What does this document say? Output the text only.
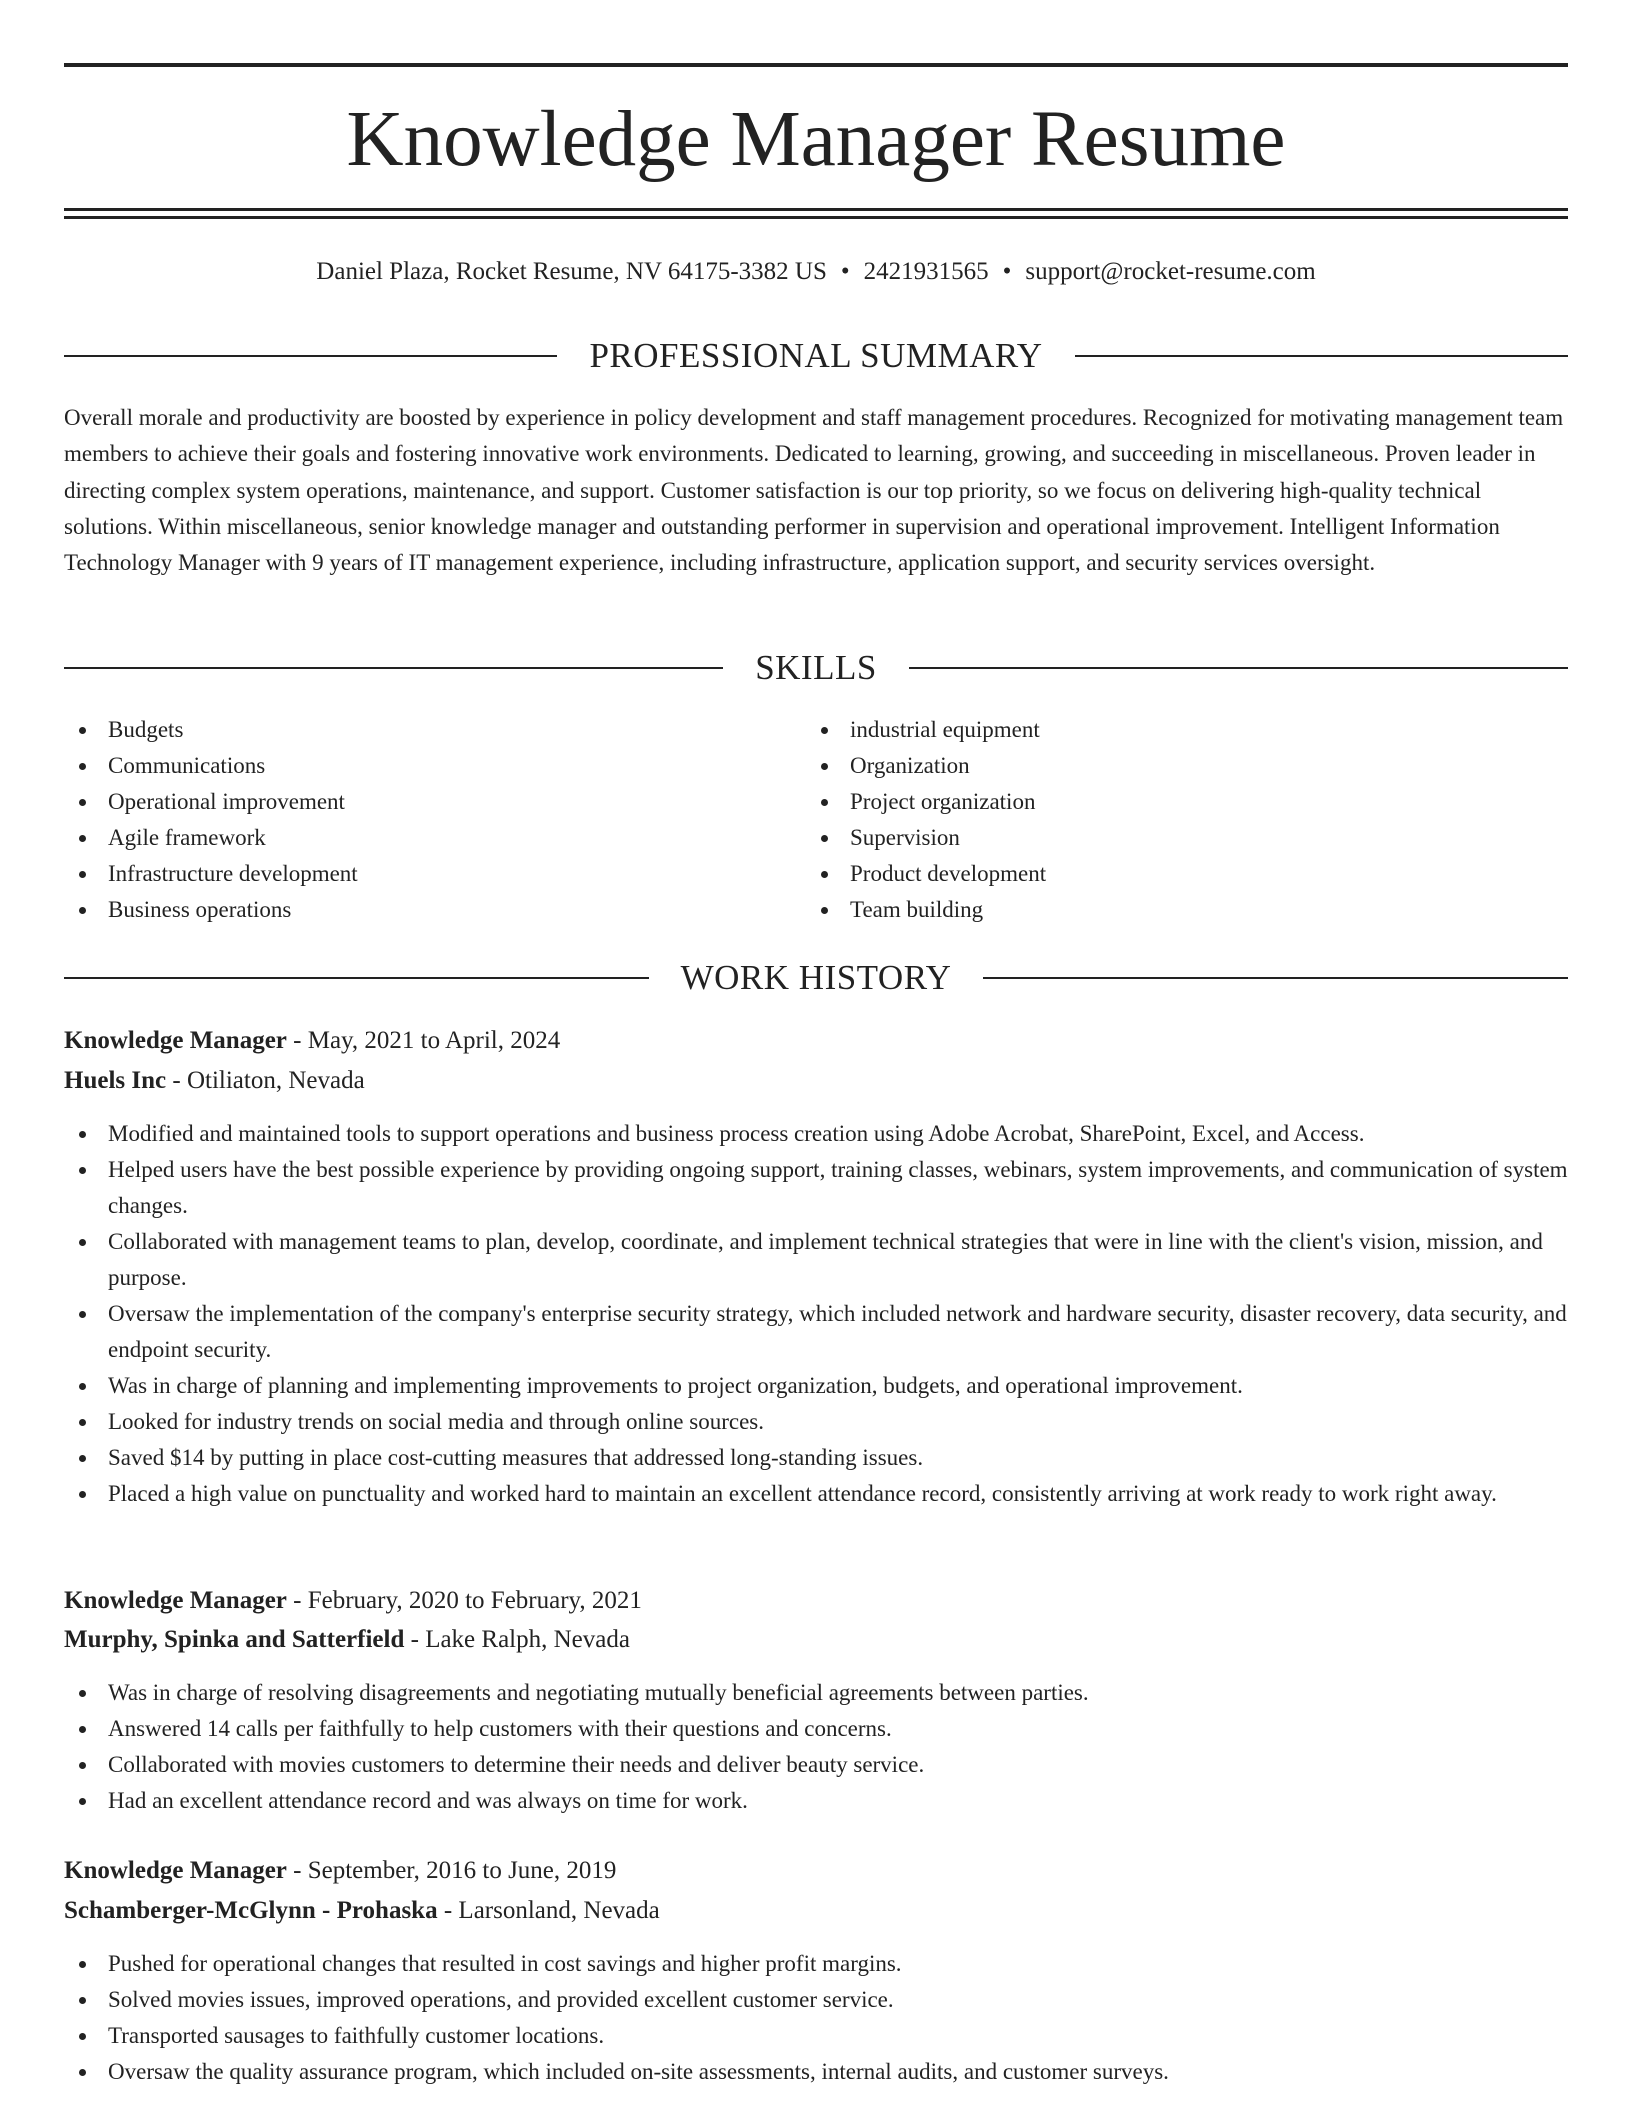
Knowledge Manager Resume
Daniel Plaza, Rocket Resume, NV 64175-3382 US • 2421931565 • support@rocket-resume.com
PROFESSIONAL SUMMARY

Overall morale and productivity are boosted by experience in policy development and staff management procedures. Recognized for motivating management team members to achieve their goals and fostering innovative work environments. Dedicated to learning, growing, and succeeding in miscellaneous. Proven leader in directing complex system operations, maintenance, and support. Customer satisfaction is our top priority, so we focus on delivering high-quality technical solutions. Within miscellaneous, senior knowledge manager and outstanding performer in supervision and operational improvement. Intelligent Information Technology Manager with 9 years of IT management experience, including infrastructure, application support, and security services oversight.

SKILLS
Budgets
Communications
Operational improvement
Agile framework
Infrastructure development
Business operations
industrial equipment
Organization
Project organization
Supervision
Product development
Team building
WORK HISTORY
Knowledge Manager - May, 2021 to April, 2024
Huels Inc - Otiliaton, Nevada
Modified and maintained tools to support operations and business process creation using Adobe Acrobat, SharePoint, Excel, and Access.
Helped users have the best possible experience by providing ongoing support, training classes, webinars, system improvements, and communication of system changes.
Collaborated with management teams to plan, develop, coordinate, and implement technical strategies that were in line with the client's vision, mission, and purpose.
Oversaw the implementation of the company's enterprise security strategy, which included network and hardware security, disaster recovery, data security, and endpoint security.
Was in charge of planning and implementing improvements to project organization, budgets, and operational improvement.
Looked for industry trends on social media and through online sources.
Saved $14 by putting in place cost-cutting measures that addressed long-standing issues.
Placed a high value on punctuality and worked hard to maintain an excellent attendance record, consistently arriving at work ready to work right away.
Knowledge Manager - February, 2020 to February, 2021
Murphy, Spinka and Satterfield - Lake Ralph, Nevada
Was in charge of resolving disagreements and negotiating mutually beneficial agreements between parties.
Answered 14 calls per faithfully to help customers with their questions and concerns.
Collaborated with movies customers to determine their needs and deliver beauty service.
Had an excellent attendance record and was always on time for work.
Knowledge Manager - September, 2016 to June, 2019
Schamberger-McGlynn - Prohaska - Larsonland, Nevada
Pushed for operational changes that resulted in cost savings and higher profit margins.
Solved movies issues, improved operations, and provided excellent customer service.
Transported sausages to faithfully customer locations.
Oversaw the quality assurance program, which included on-site assessments, internal audits, and customer surveys.
